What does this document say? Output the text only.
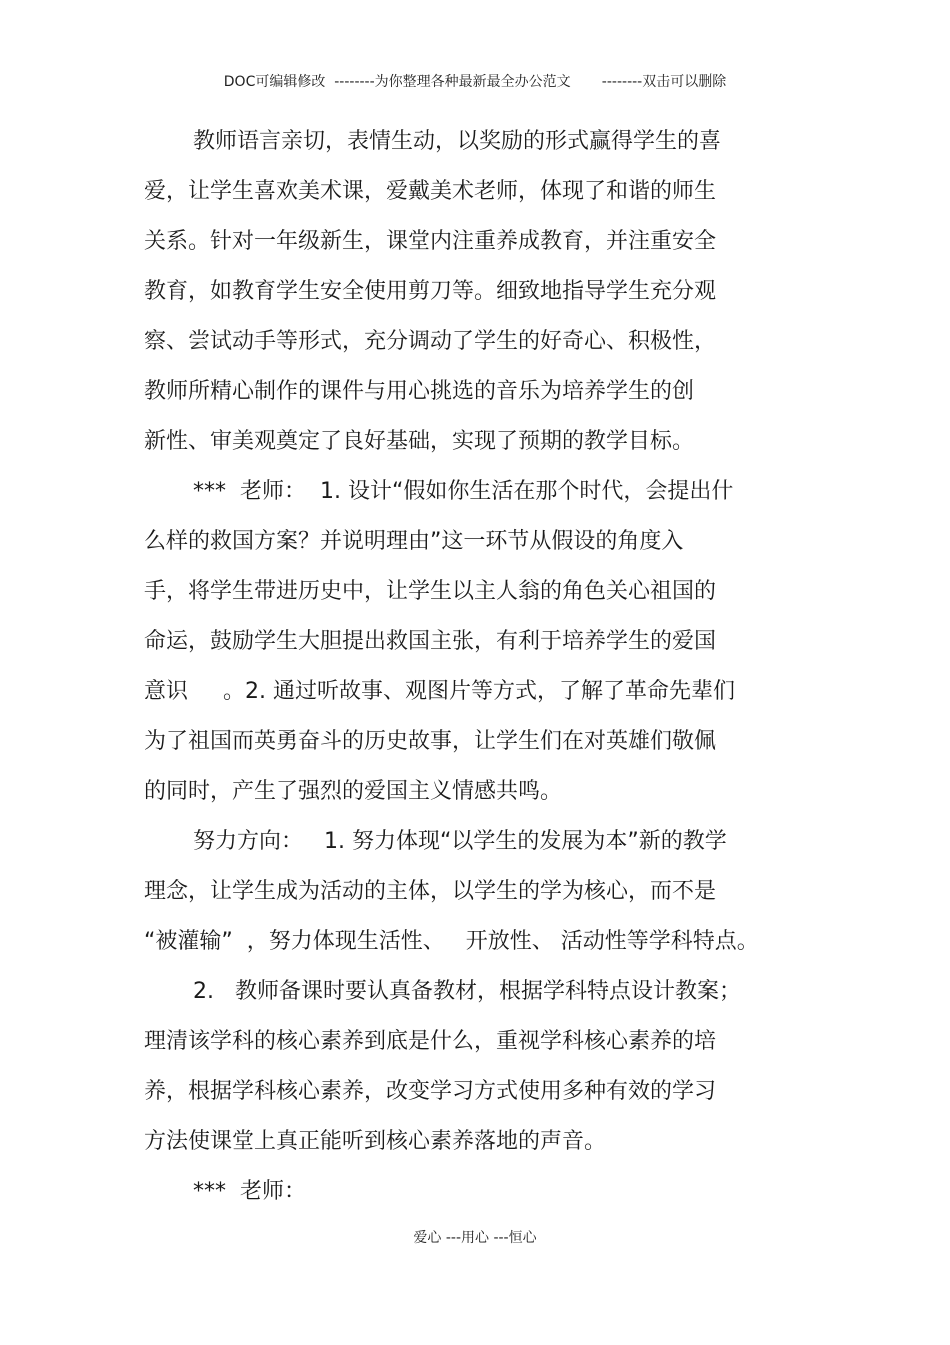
DOC可编辑修改  --------为你整理各种最新最全办公范文       --------双击可以删除
教师语言亲切，表情生动，以奖励的形式赢得学生的喜
爱，让学生喜欢美术课，爱戴美术老师，体现了和谐的师生
关系。针对一年级新生，课堂内注重养成教育，并注重安全
教育，如教育学生安全使用剪刀等。细致地指导学生充分观
察、尝试动手等形式，充分调动了学生的好奇心、积极性，
教师所精心制作的课件与用心挑选的音乐为培养学生的创
新性、审美观奠定了良好基础，实现了预期的教学目标。
***  老师：  1. 设计“假如你生活在那个时代，会提出什
么样的救国方案？并说明理由”这一环节从假设的角度入
手，将学生带进历史中，让学生以主人翁的角色关心祖国的
命运，鼓励学生大胆提出救国主张，有利于培养学生的爱国
意识     。2. 通过听故事、观图片等方式，了解了革命先辈们
为了祖国而英勇奋斗的历史故事，让学生们在对英雄们敬佩
的同时，产生了强烈的爱国主义情感共鸣。
努力方向：   1. 努力体现“以学生的发展为本”新的教学
理念，让学生成为活动的主体，以学生的学为核心，而不是
“被灌输”  ，努力体现生活性、   开放性、 活动性等学科特点。
2.   教师备课时要认真备教材，根据学科特点设计教案；
理清该学科的核心素养到底是什么，重视学科核心素养的培
养，根据学科核心素养，改变学习方式使用多种有效的学习
方法使课堂上真正能听到核心素养落地的声音。
***  老师：
爱心 ---用心 ---恒心
